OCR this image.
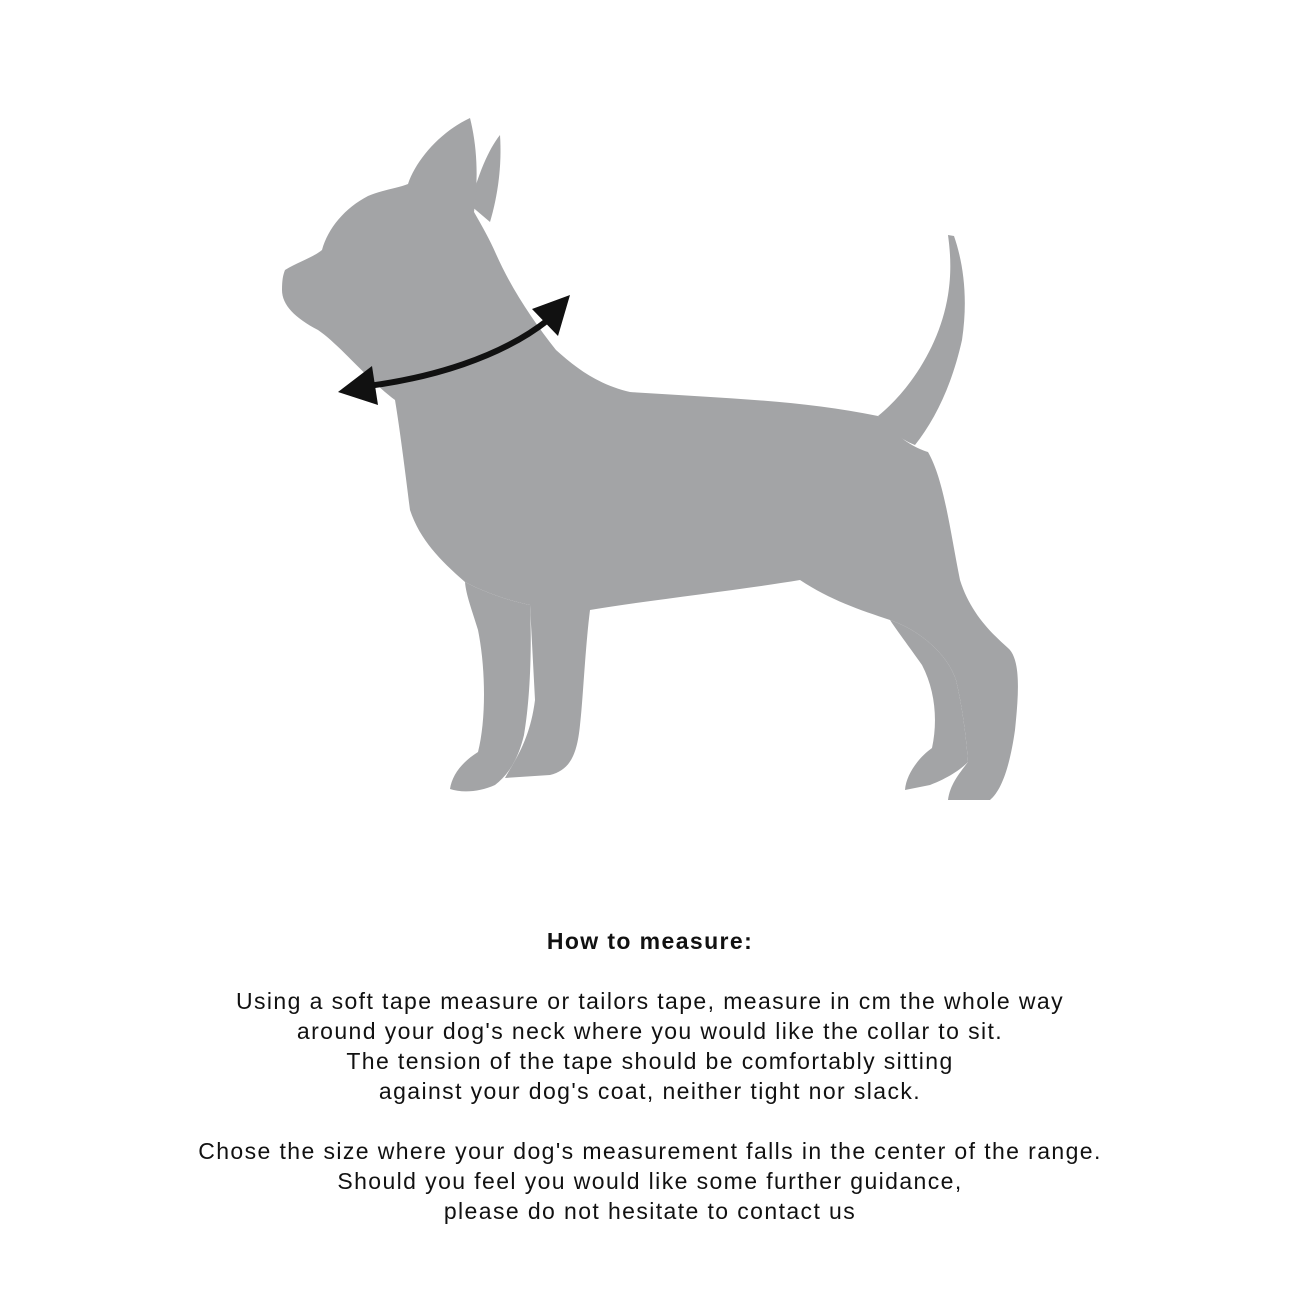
How to measure:

Using a soft tape measure or tailors tape, measure in cm the whole way
around your dog's neck where you would like the collar to sit.
The tension of the tape should be comfortably sitting
against your dog's coat, neither tight nor slack.

Chose the size where your dog's measurement falls in the center of the range.
Should you feel you would like some further guidance,
please do not hesitate to contact us
